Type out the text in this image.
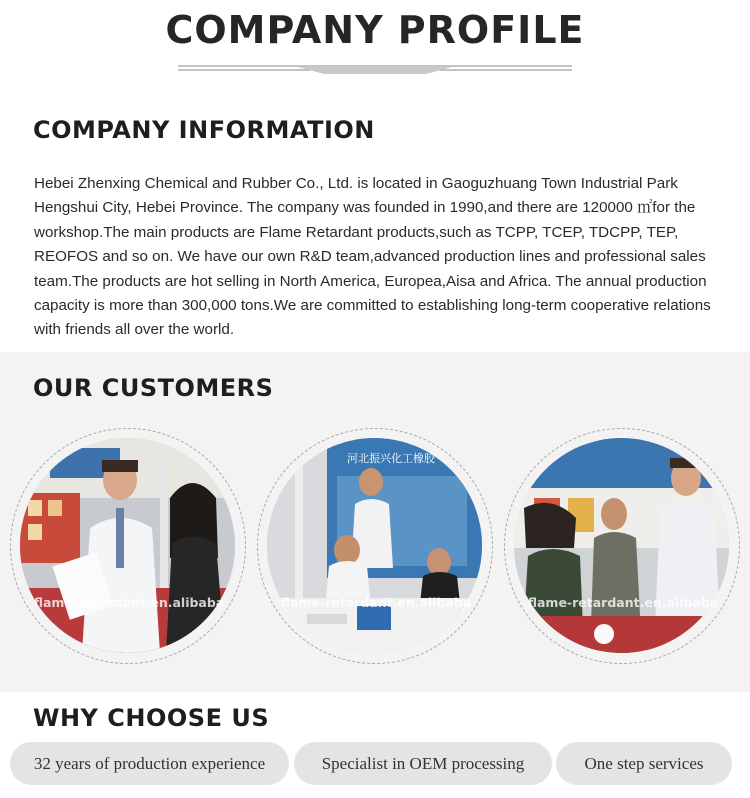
COMPANY PROFILE
COMPANY INFORMATION
Hebei Zhenxing Chemical and Rubber Co., Ltd. is located in Gaoguzhuang Town Industrial Park Hengshui City, Hebei Province. The company was founded in 1990,and there are 120000 ㎡for the workshop.The main products are Flame Retardant products,such as TCPP, TCEP, TDCPP, TEP, REOFOS and so on. We have our own R&D team,advanced production lines and professional sales team.The products are hot selling in North America, Europea,Aisa and Africa. The annual production capacity is more than 300,000 tons.We are committed to establishing long-term cooperative relations with friends all over the world.
OUR CUSTOMERS
flame-retardant.en.alibaba
河北振兴化工橡胶
flame-retardant.en.alibaba	flame-retardant.en.alibaba
WHY CHOOSE US
32 years of production experience	Specialist in OEM processing	One step services
